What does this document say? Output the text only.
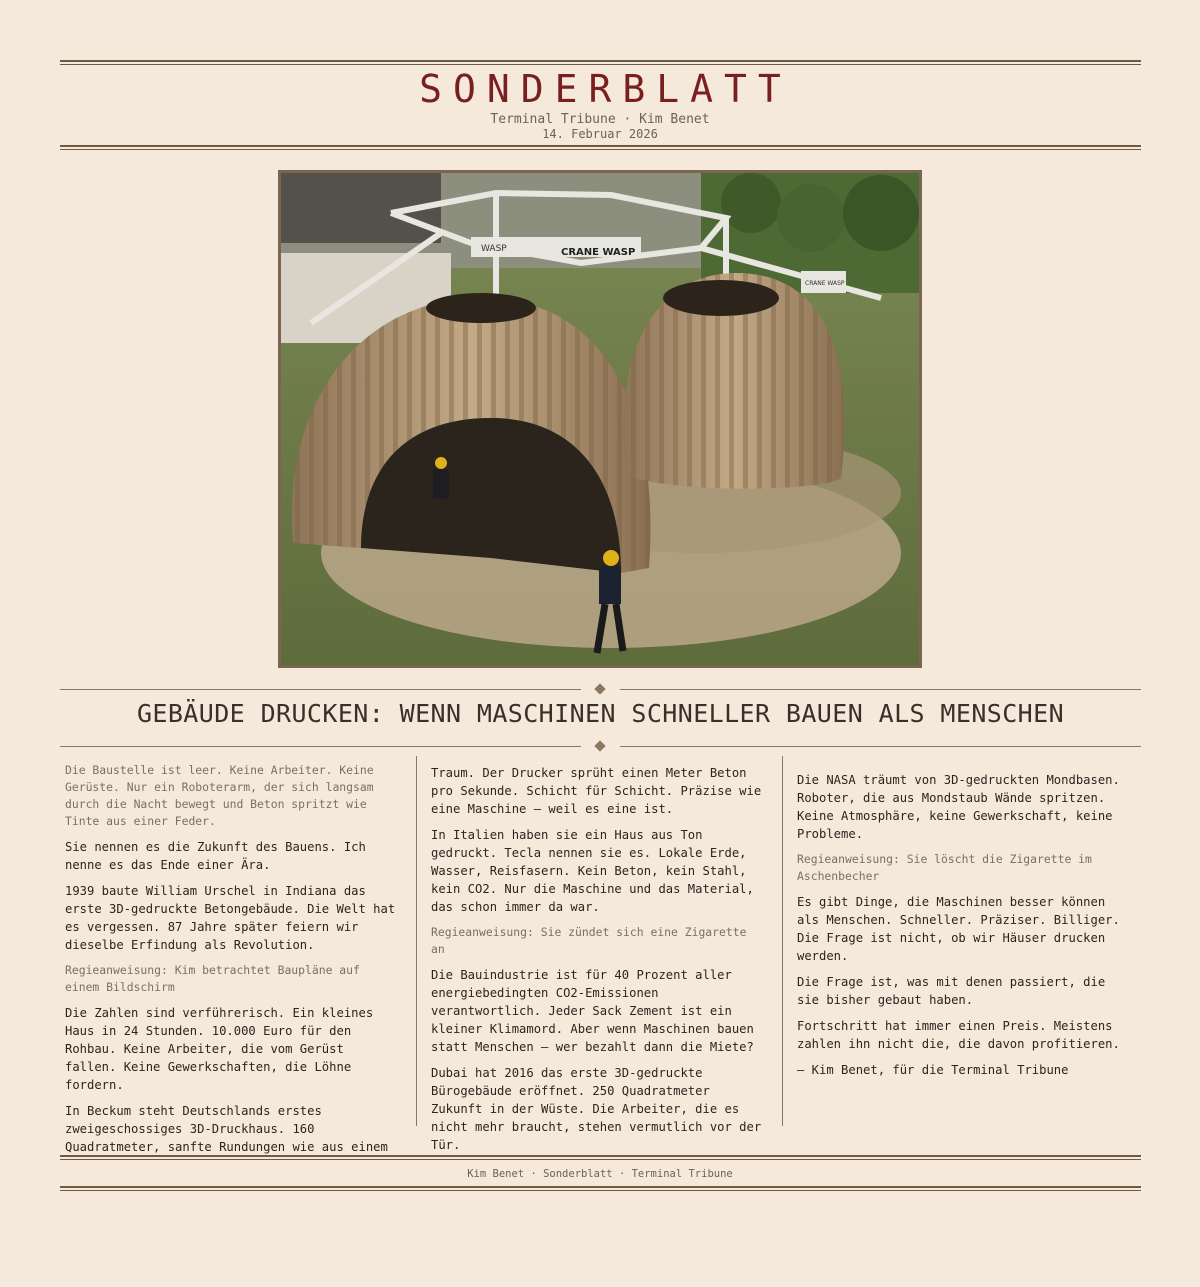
SONDERBLATT
Terminal Tribune · Kim Benet
14. Februar 2026
WASP	CRANE WASP
CRANE WASP
GEBÄUDE DRUCKEN: WENN MASCHINEN SCHNELLER BAUEN ALS MENSCHEN

Die Baustelle ist leer. Keine Arbeiter. Keine Gerüste. Nur ein Roboterarm, der sich langsam durch die Nacht bewegt und Beton spritzt wie Tinte aus einer Feder.

Sie nennen es die Zukunft des Bauens. Ich nenne es das Ende einer Ära.

1939 baute William Urschel in Indiana das erste 3D-gedruckte Betongebäude. Die Welt hat es vergessen. 87 Jahre später feiern wir dieselbe Erfindung als Revolution.

Regieanweisung: Kim betrachtet Baupläne auf einem Bildschirm

Die Zahlen sind verführerisch. Ein kleines Haus in 24 Stunden. 10.000 Euro für den Rohbau. Keine Arbeiter, die vom Gerüst fallen. Keine Gewerkschaften, die Löhne fordern.

In Beckum steht Deutschlands erstes zweigeschossiges 3D-Druckhaus. 160 Quadratmeter, sanfte Rundungen wie aus einem

Traum. Der Drucker sprüht einen Meter Beton pro Sekunde. Schicht für Schicht. Präzise wie eine Maschine — weil es eine ist.

In Italien haben sie ein Haus aus Ton gedruckt. Tecla nennen sie es. Lokale Erde, Wasser, Reisfasern. Kein Beton, kein Stahl, kein CO2. Nur die Maschine und das Material, das schon immer da war.

Regieanweisung: Sie zündet sich eine Zigarette an

Die Bauindustrie ist für 40 Prozent aller energiebedingten CO2-Emissionen verantwortlich. Jeder Sack Zement ist ein kleiner Klimamord. Aber wenn Maschinen bauen statt Menschen — wer bezahlt dann die Miete?

Dubai hat 2016 das erste 3D-gedruckte Bürogebäude eröffnet. 250 Quadratmeter Zukunft in der Wüste. Die Arbeiter, die es nicht mehr braucht, stehen vermutlich vor der Tür.

Die NASA träumt von 3D-gedruckten Mondbasen. Roboter, die aus Mondstaub Wände spritzen. Keine Atmosphäre, keine Gewerkschaft, keine Probleme.

Regieanweisung: Sie löscht die Zigarette im Aschenbecher

Es gibt Dinge, die Maschinen besser können als Menschen. Schneller. Präziser. Billiger. Die Frage ist nicht, ob wir Häuser drucken werden.

Die Frage ist, was mit denen passiert, die sie bisher gebaut haben.

Fortschritt hat immer einen Preis. Meistens zahlen ihn nicht die, die davon profitieren.

— Kim Benet, für die Terminal Tribune

Kim Benet · Sonderblatt · Terminal Tribune
